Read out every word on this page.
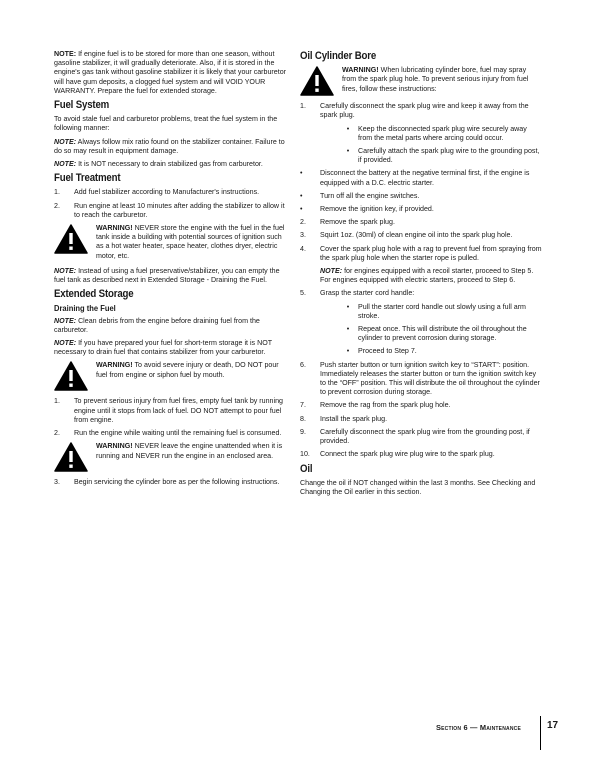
NOTE: If engine fuel is to be stored for more than one season, without gasoline stabilizer, it will gradually deteriorate. Also, if it is stored in the engine's gas tank without gasoline stabilizer it is likely that your carburetor will have gum deposits, a clogged fuel system and will VOID YOUR WARRANTY. Prepare the fuel for extended storage.

Fuel System

To avoid stale fuel and carburetor problems, treat the fuel system in the following manner:

NOTE: Always follow mix ratio found on the stabilizer container. Failure to do so may result in equipment damage.

NOTE: It is NOT necessary to drain stabilized gas from carburetor.

Fuel Treatment
1.	Add fuel stabilizer according to Manufacturer's instructions.
2.	Run engine at least 10 minutes after adding the stabilizer to allow it to reach the carburetor.
WARNING! NEVER store the engine with the fuel in the fuel tank inside a building with potential sources of ignition such as a hot water heater, space heater, clothes dryer, electric motor, etc.

NOTE: Instead of using a fuel preservative/stabilizer, you can empty the fuel tank as described next in Extended Storage - Draining the Fuel.

Extended Storage
Draining the Fuel

NOTE: Clean debris from the engine before draining fuel from the carburetor.

NOTE: If you have prepared your fuel for short-term storage it is NOT necessary to drain fuel that contains stabilizer from your carburetor.

WARNING! To avoid severe injury or death, DO NOT pour fuel from engine or siphon fuel by mouth.
1.	To prevent serious injury from fuel fires, empty fuel tank by running engine until it stops from lack of fuel. DO NOT attempt to pour fuel from engine.
2.	Run the engine while waiting until the remaining fuel is consumed.
WARNING! NEVER leave the engine unattended when it is running and NEVER run the engine in an enclosed area.
3.	Begin servicing the cylinder bore as per the following instructions.
Oil Cylinder Bore
WARNING! When lubricating cylinder bore, fuel may spray from the spark plug hole. To prevent serious injury from fuel fires, follow these instructions:
1.	Carefully disconnect the spark plug wire and keep it away from the spark plug.
•	Keep the disconnected spark plug wire securely away from the metal parts where arcing could occur.
•	Carefully attach the spark plug wire to the grounding post, if provided.
•	Disconnect the battery at the negative terminal first, if the engine is equipped with a D.C. electric starter.
•	Turn off all the engine switches.
•	Remove the ignition key, if provided.
2.	Remove the spark plug.
3.	Squirt 1oz. (30ml) of clean engine oil into the spark plug hole.
4.	Cover the spark plug hole with a rag to prevent fuel from spraying from the spark plug hole when the starter rope is pulled.

NOTE: for engines equipped with a recoil starter, proceed to Step 5. For engines equipped with electric starters, proceed to Step 6.

5.	Grasp the starter cord handle:
•	Pull the starter cord handle out slowly using a full arm stroke.
•	Repeat once. This will distribute the oil throughout the cylinder to prevent corrosion during storage.
•	Proceed to Step 7.
6.	Push starter button or turn ignition switch key to “START”: position. Immediately releases the starter button or turn the ignition switch key to the “OFF” position. This will distribute the oil throughout the cylinder to prevent corrosion during storage.
7.	Remove the rag from the spark plug hole.
8.	Install the spark plug.
9.	Carefully disconnect the spark plug wire from the grounding post, if provided.
10.	Connect the spark plug wire plug wire to the spark plug.
Oil

Change the oil if NOT changed within the last 3 months. See Checking and Changing the Oil earlier in this section.

Section 6 — Maintenance	17
